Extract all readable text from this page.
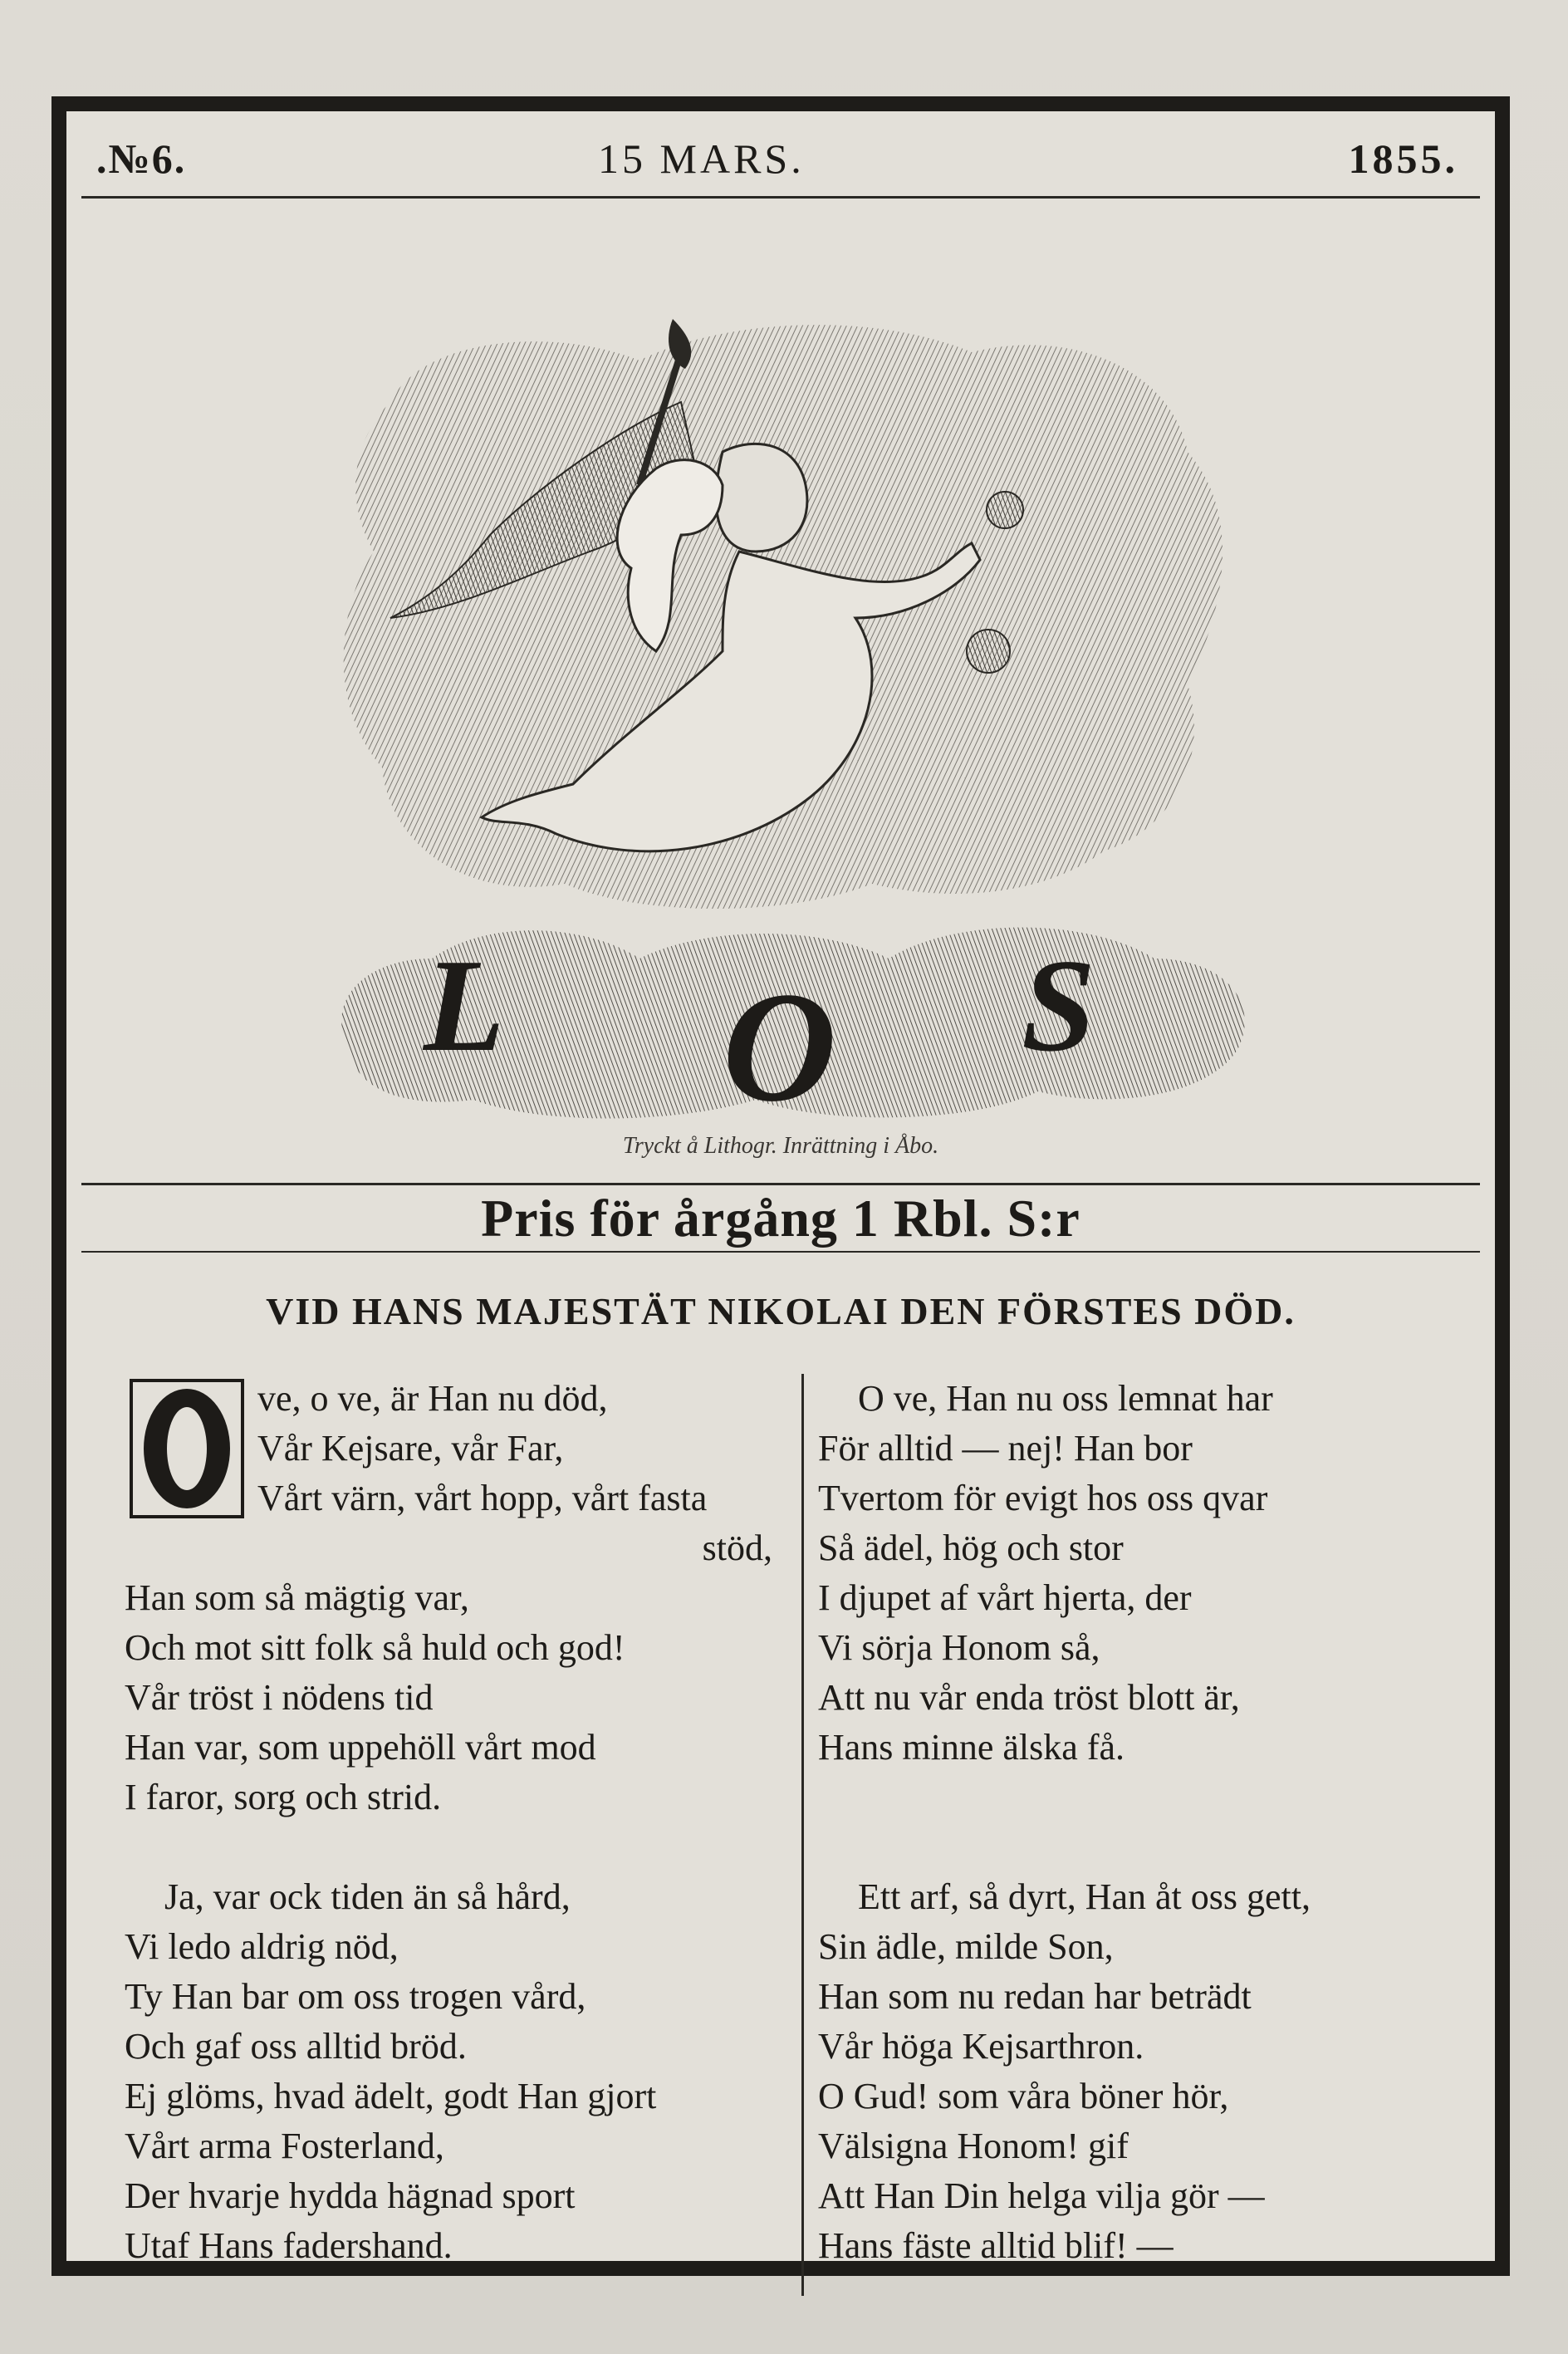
.№6.	15 MARS.	1855.
L O S
Tryckt å Lithogr. Inrättning i Åbo.
Pris för årgång 1 Rbl. S:r
VID HANS MAJESTÄT NIKOLAI DEN FÖRSTES DÖD.
ve, o ve, är Han nu död,
Vår Kejsare, vår Far,
Vårt värn, vårt hopp, vårt fasta
stöd,
Han som så mägtig var,
Och mot sitt folk så huld och god!
Vår tröst i nödens tid
Han var, som uppehöll vårt mod
I faror, sorg och strid.
Ja, var ock tiden än så hård,
Vi ledo aldrig nöd,
Ty Han bar om oss trogen vård,
Och gaf oss alltid bröd.
Ej glöms, hvad ädelt, godt Han gjort
Vårt arma Fosterland,
Der hvarje hydda hägnad sport
Utaf Hans fadershand.
O ve, Han nu oss lemnat har
För alltid — nej! Han bor
Tvertom för evigt hos oss qvar
Så ädel, hög och stor
I djupet af vårt hjerta, der
Vi sörja Honom så,
Att nu vår enda tröst blott är,
Hans minne älska få.
Ett arf, så dyrt, Han åt oss gett,
Sin ädle, milde Son,
Han som nu redan har beträdt
Vår höga Kejsarthron.
O Gud! som våra böner hör,
Välsigna Honom! gif
Att Han Din helga vilja gör —
Hans fäste alltid blif! —
